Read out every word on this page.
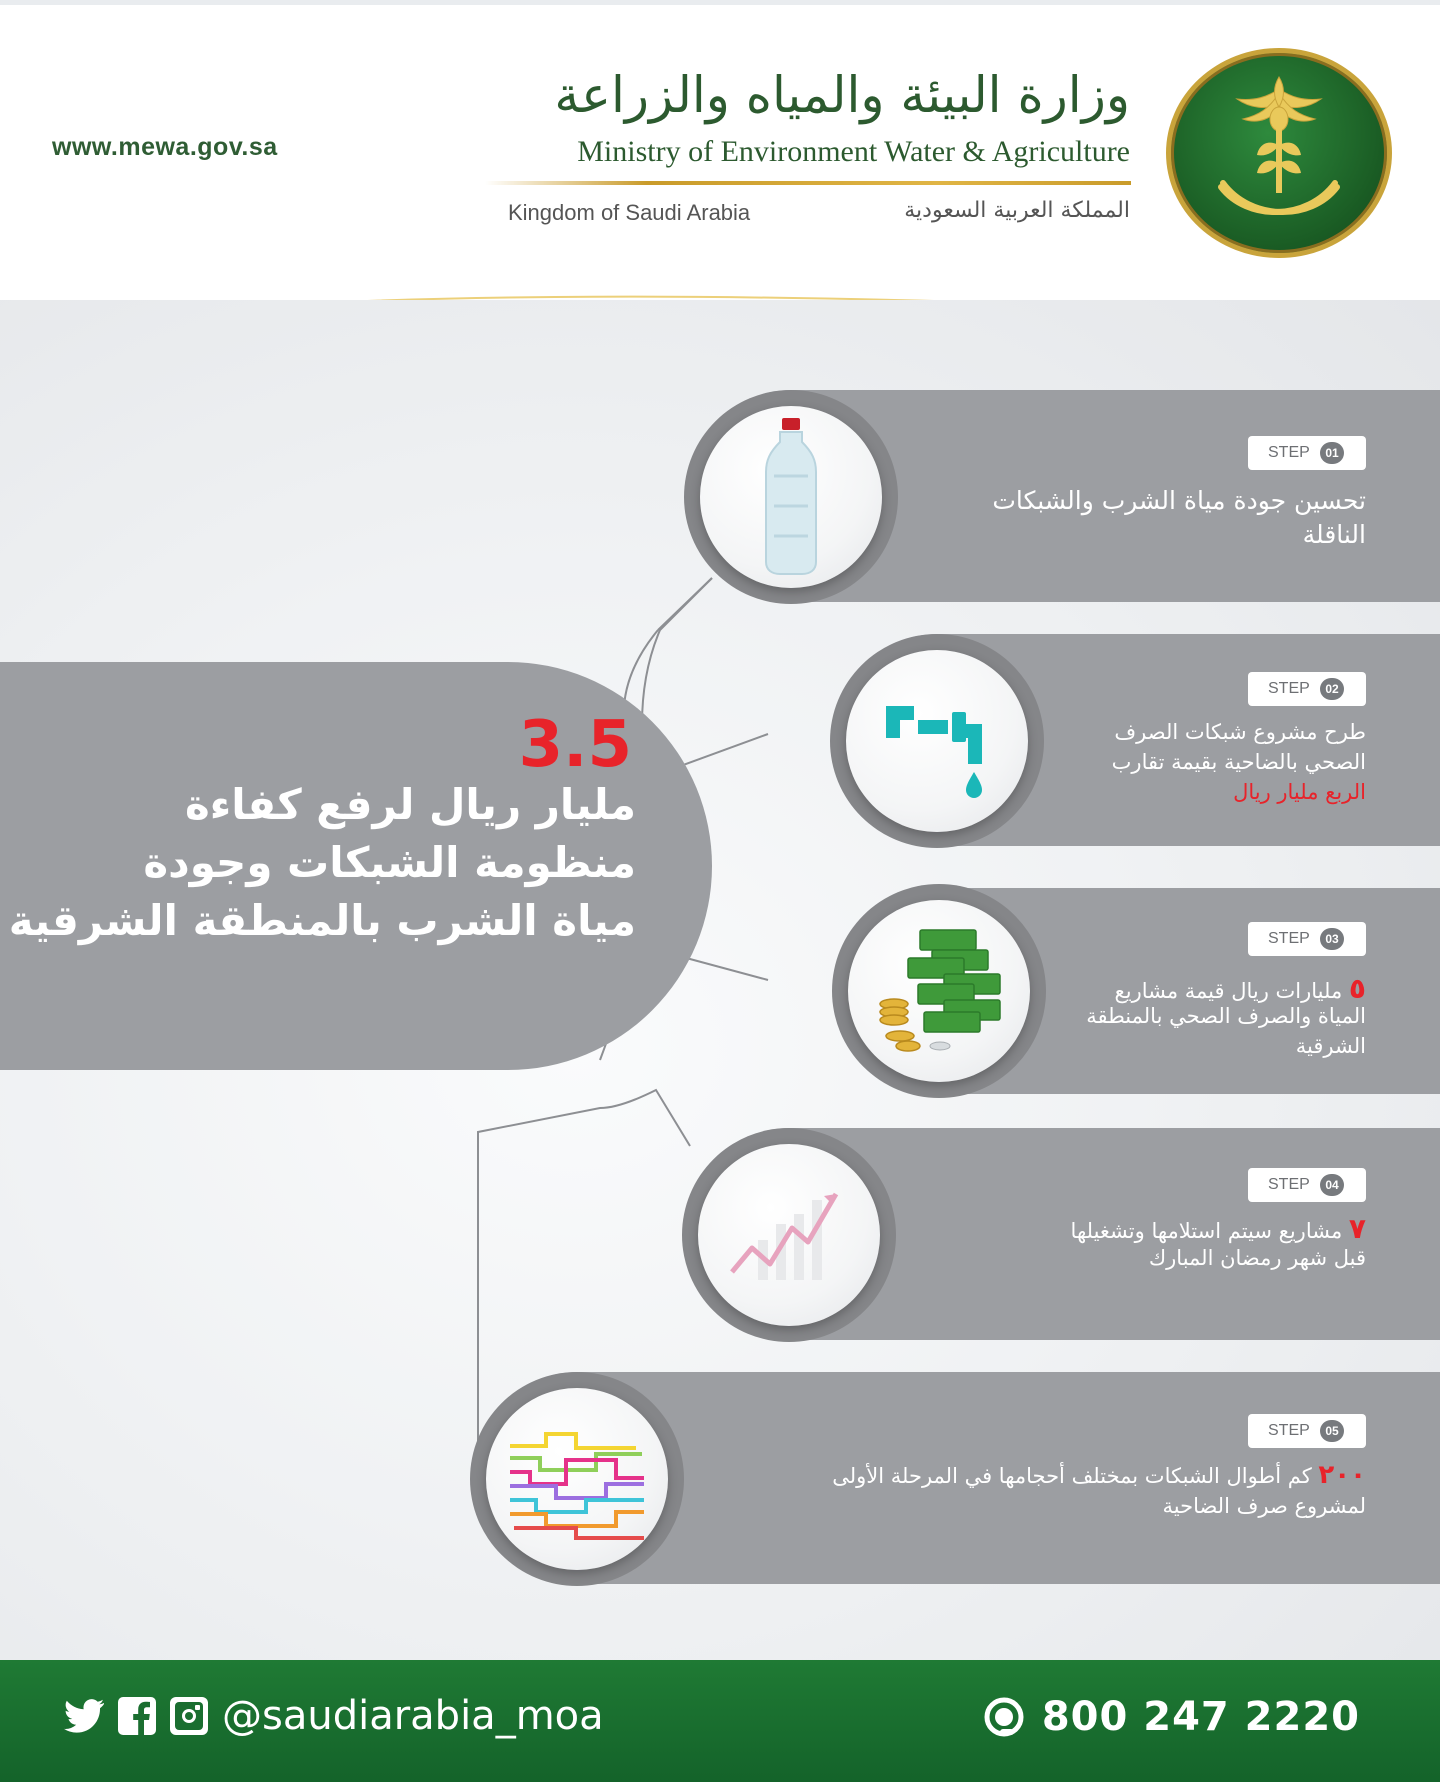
www.mewa.gov.sa
وزارة البيئة والمياه والزراعة
Ministry of Environment Water & Agriculture
Kingdom of Saudi Arabia	المملكة العربية السعودية
3.5
مليار ريال لرفع كفاءة
منظومة الشبكات وجودة
مياة الشرب بالمنطقة الشرقية
STEP	01
تحسين جودة مياة الشرب والشبكات
الناقلة
STEP	02
طرح مشروع شبكات الصرف
الصحي بالضاحية بقيمة تقارب
الربع مليار ريال
STEP	03
٥ مليارات ريال قيمة مشاريع
المياة والصرف الصحي بالمنطقة
الشرقية
STEP	04
٧ مشاريع سيتم استلامها وتشغيلها
قبل شهر رمضان المبارك
STEP	05
٢٠٠ كم أطوال الشبكات بمختلف أحجامها في المرحلة الأولى
لمشروع صرف الضاحية
@saudiarabia_moa	800 247 2220
